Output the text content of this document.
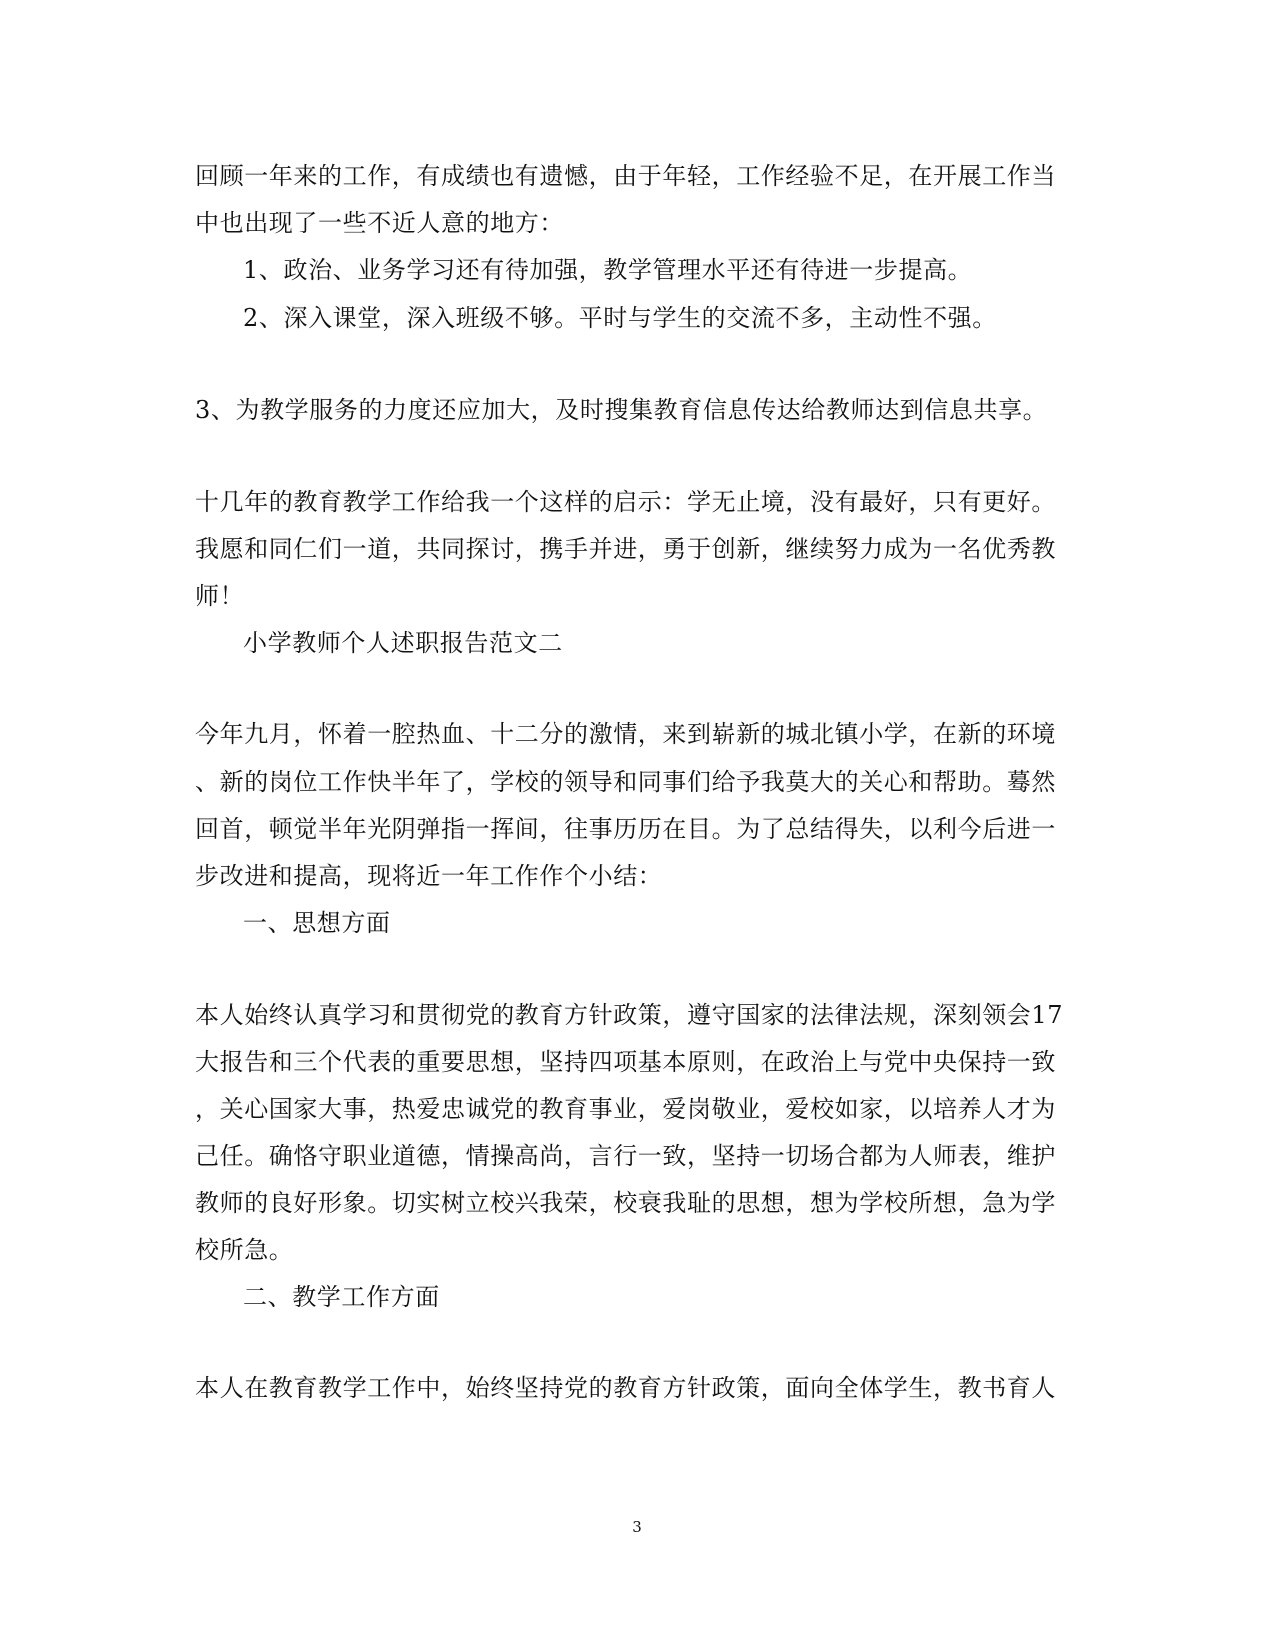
回顾一年来的工作，有成绩也有遗憾，由于年轻，工作经验不足，在开展工作当
中也出现了一些不近人意的地方：
1、政治、业务学习还有待加强，教学管理水平还有待进一步提高。
2、深入课堂，深入班级不够。平时与学生的交流不多，主动性不强。
3、为教学服务的力度还应加大，及时搜集教育信息传达给教师达到信息共享。
十几年的教育教学工作给我一个这样的启示：学无止境，没有最好，只有更好。
我愿和同仁们一道，共同探讨，携手并进，勇于创新，继续努力成为一名优秀教
师！
小学教师个人述职报告范文二
今年九月，怀着一腔热血、十二分的激情，来到崭新的城北镇小学，在新的环境
、新的岗位工作快半年了，学校的领导和同事们给予我莫大的关心和帮助。蓦然
回首，顿觉半年光阴弹指一挥间，往事历历在目。为了总结得失，以利今后进一
步改进和提高，现将近一年工作作个小结：
一、思想方面
本人始终认真学习和贯彻党的教育方针政策，遵守国家的法律法规，深刻领会17
大报告和三个代表的重要思想，坚持四项基本原则，在政治上与党中央保持一致
，关心国家大事，热爱忠诚党的教育事业，爱岗敬业，爱校如家，以培养人才为
己任。确恪守职业道德，情操高尚，言行一致，坚持一切场合都为人师表，维护
教师的良好形象。切实树立校兴我荣，校衰我耻的思想，想为学校所想，急为学
校所急。
二、教学工作方面
本人在教育教学工作中，始终坚持党的教育方针政策，面向全体学生，教书育人
3
